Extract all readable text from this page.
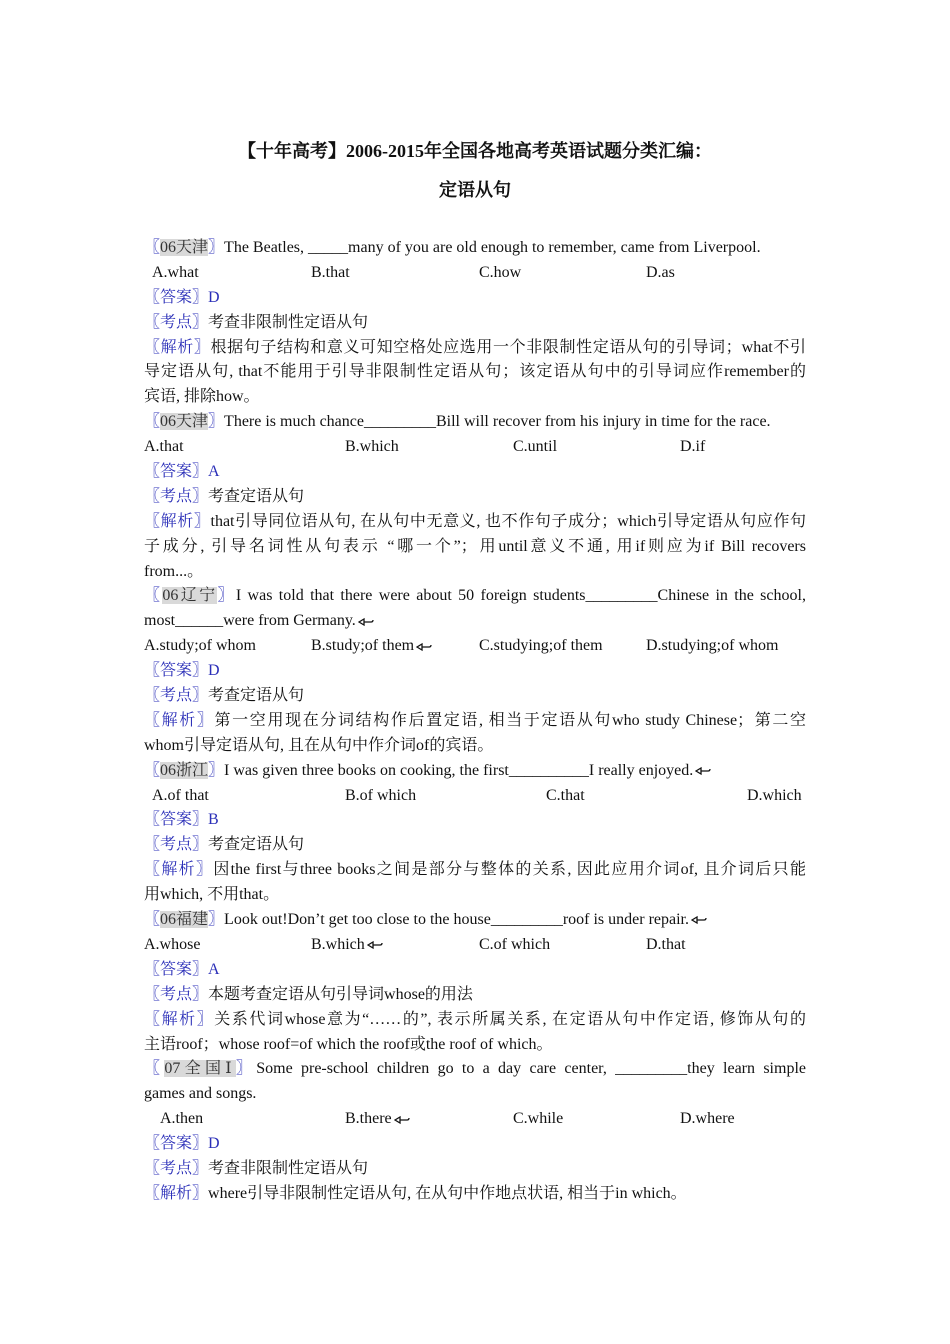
【十年高考】2006-2015年全国各地高考英语试题分类汇编：
定语从句
〖06天津〗The Beatles, _____many of you are old enough to remember, came from Liverpool.
A.what	B.that	C.how	D.as
〖答案〗D
〖考点〗考查非限制性定语从句
〖解析〗根据句子结构和意义可知空格处应选用一个非限制性定语从句的引导词；what不引
导定语从句, that不能用于引导非限制性定语从句；该定语从句中的引导词应作remember的
宾语, 排除how。
〖06天津〗There is much chance_________Bill will recover from his injury in time for the race.
A.that	B.which	C.until	D.if
〖答案〗A
〖考点〗考查定语从句
〖解析〗that引导同位语从句, 在从句中无意义, 也不作句子成分；which引导定语从句应作句
子成分, 引导名词性从句表示 “哪一个”；用until意义不通, 用if则应为if Bill recovers
from...。
〖06辽宁〗I was told that there were about 50 foreign students_________Chinese in the school,
most______were from Germany.
A.study;of whom	B.study;of them	C.studying;of them	D.studying;of whom
〖答案〗D
〖考点〗考查定语从句
〖解析〗第一空用现在分词结构作后置定语, 相当于定语从句who study Chinese；第二空
whom引导定语从句, 且在从句中作介词of的宾语。
〖06浙江〗I was given three books on cooking, the first__________I really enjoyed.
A.of that	B.of which	C.that	D.which
〖答案〗B
〖考点〗考查定语从句
〖解析〗因the first与three books之间是部分与整体的关系, 因此应用介词of, 且介词后只能
用which, 不用that。
〖06福建〗Look out!Don’t get too close to the house_________roof is under repair.
A.whose	B.which	C.of which	D.that
〖答案〗A
〖考点〗本题考查定语从句引导词whose的用法
〖解析〗关系代词whose意为“……的”, 表示所属关系, 在定语从句中作定语, 修饰从句的
主语roof；whose roof=of which the roof或the roof of which。
〖07全国Ⅰ〗Some pre-school children go to a day care center, _________they learn simple
games and songs.
A.then	B.there	C.while	D.where
〖答案〗D
〖考点〗考查非限制性定语从句
〖解析〗where引导非限制性定语从句, 在从句中作地点状语, 相当于in which。
